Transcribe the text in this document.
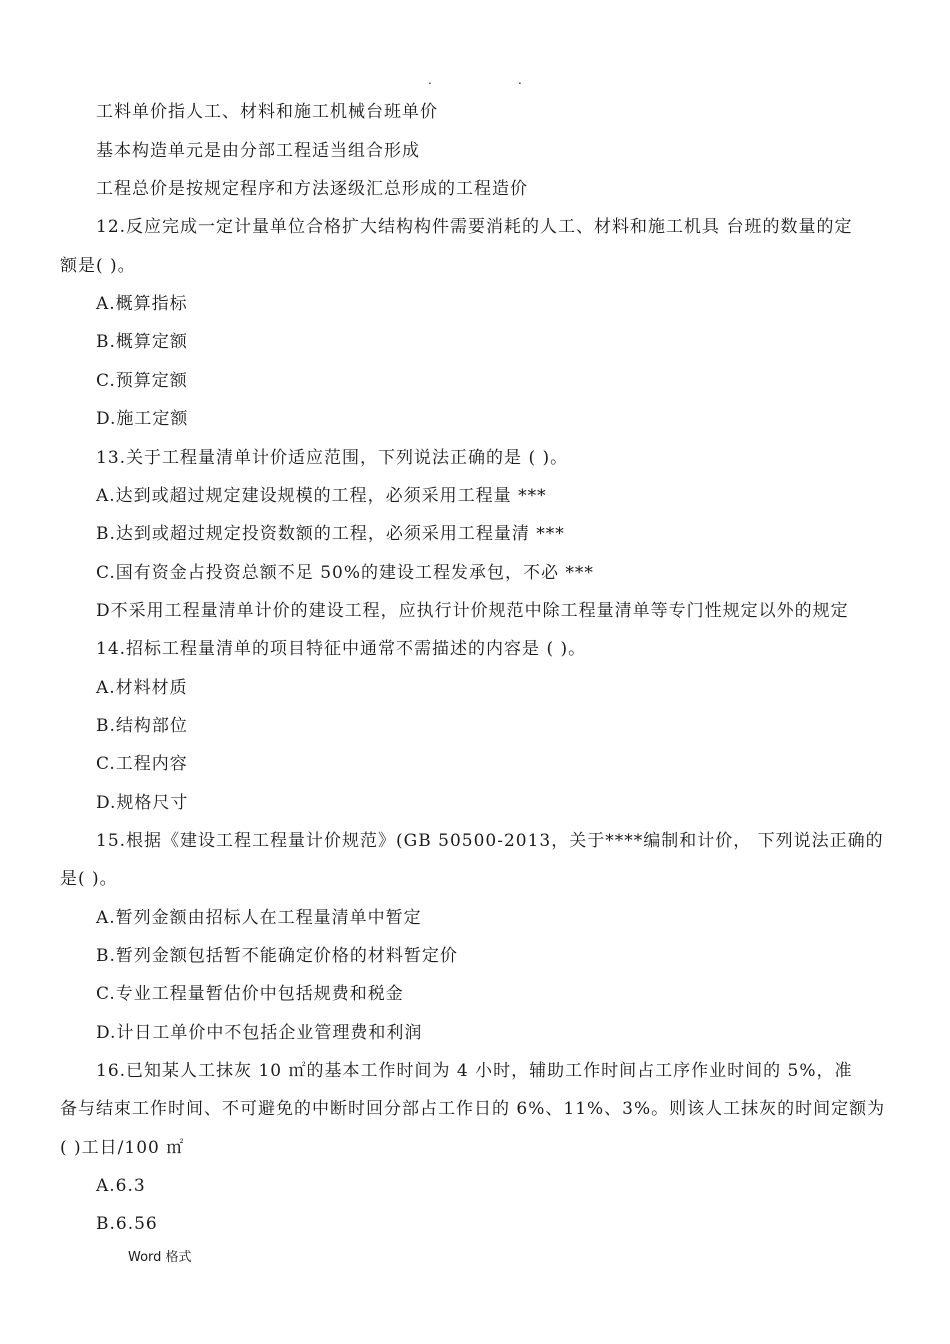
.	.
工料单价指人工、材料和施工机械台班单价
基本构造单元是由分部工程适当组合形成
工程总价是按规定程序和方法逐级汇总形成的工程造价
12.反应完成一定计量单位合格扩大结构构件需要消耗的人工、材料和施工机具 台班的数量的定
额是( )。
A.概算指标
B.概算定额
C.预算定额
D.施工定额
13.关于工程量清单计价适应范围，下列说法正确的是 ( )。
A.达到或超过规定建设规模的工程，必须采用工程量 ***
B.达到或超过规定投资数额的工程，必须采用工程量清 ***
C.国有资金占投资总额不足 50%的建设工程发承包，不必 ***
D不采用工程量清单计价的建设工程，应执行计价规范中除工程量清单等专门性规定以外的规定
14.招标工程量清单的项目特征中通常不需描述的内容是 ( )。
A.材料材质
B.结构部位
C.工程内容
D.规格尺寸
15.根据《建设工程工程量计价规范》(GB 50500-2013，关于****编制和计价， 下列说法正确的
是( )。
A.暂列金额由招标人在工程量清单中暂定
B.暂列金额包括暂不能确定价格的材料暂定价
C.专业工程量暂估价中包括规费和税金
D.计日工单价中不包括企业管理费和利润
16.已知某人工抹灰 10 ㎡的基本工作时间为 4 小时，辅助工作时间占工序作业时间的 5%，准
备与结束工作时间、不可避免的中断时回分部占工作日的 6%、11%、3%。则该人工抹灰的时间定额为
( )工日/100 ㎡
A.6.3
B.6.56
Word 格式
